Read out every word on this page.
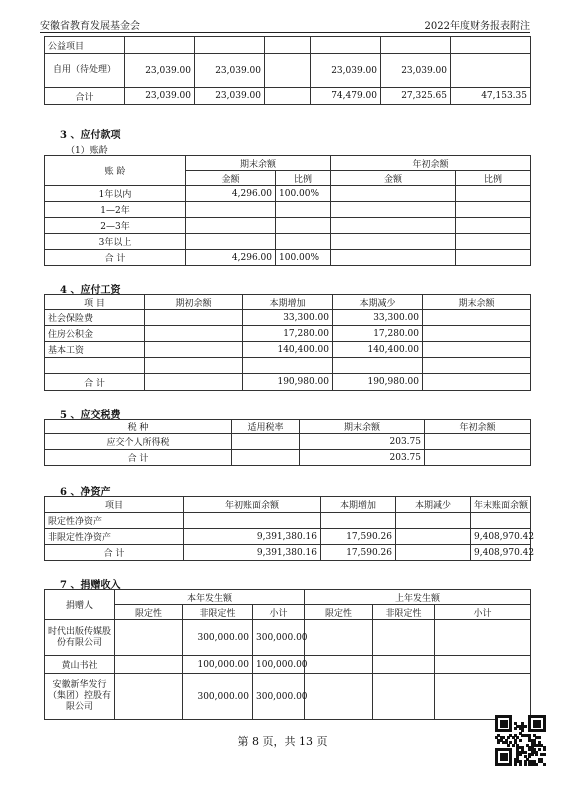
安徽省教育发展基金会	2022年度财务报表附注
公益项目						
自用（待处理）	23,039.00	23,039.00		23,039.00	23,039.00	
合计	23,039.00	23,039.00		74,479.00	27,325.65	47,153.35
3 、应付款项
（1）账龄
账 龄	期末余额		年初余额	
	金额	比例	金额	比例
1年以内	4,296.00	100.00%		
1—2年				
2—3年				
3年以上				
合 计	4,296.00	100.00%		
4 、应付工资
项 目	期初余额	本期增加	本期减少	期末余额
社会保险费		33,300.00	33,300.00	
住房公积金		17,280.00	17,280.00	
基本工资		140,400.00	140,400.00	

合 计		190,980.00	190,980.00	
5 、应交税费
税 种	适用税率	期末余额	年初余额
应交个人所得税		203.75	
合 计		203.75	
6 、净资产
项目	年初账面余额	本期增加	本期减少	年末账面余额
限定性净资产				
非限定性净资产	9,391,380.16	17,590.26		9,408,970.42
合 计	9,391,380.16	17,590.26		9,408,970.42
7 、捐赠收入
捐赠人	本年发生额			上年发生额		
	限定性	非限定性	小计	限定性	非限定性	小计
时代出版传媒股份有限公司		300,000.00	300,000.00			
黄山书社		100,000.00	100,000.00			
安徽新华发行（集团）控股有限公司		300,000.00	300,000.00			
第 8 页，共 13 页
